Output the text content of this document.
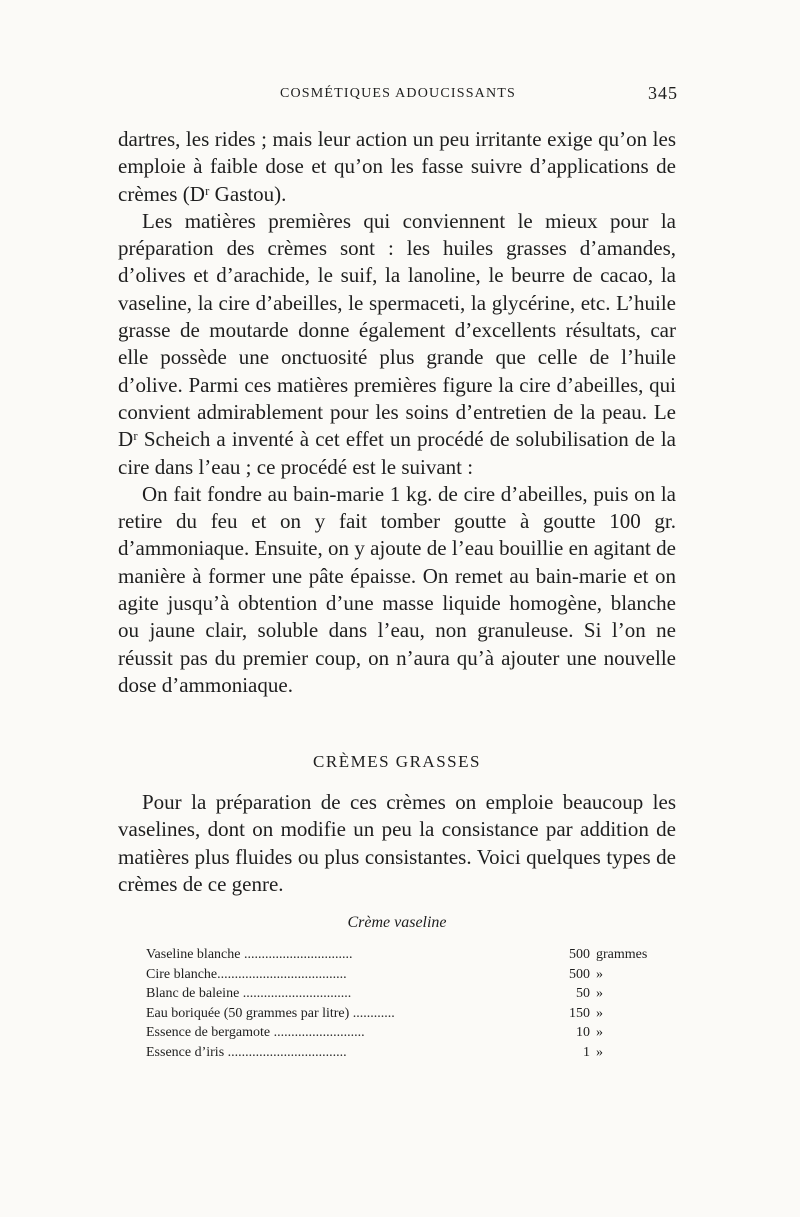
COSMÉTIQUES ADOUCISSANTS	345

dartres, les rides ; mais leur action un peu irritante exige qu’on les emploie à faible dose et qu’on les fasse suivre d’applications de crèmes (Dʳ Gastou).

Les matières premières qui conviennent le mieux pour la préparation des crèmes sont : les huiles grasses d’amandes, d’olives et d’arachide, le suif, la lanoline, le beurre de cacao, la vaseline, la cire d’abeilles, le spermaceti, la glycérine, etc. L’huile grasse de moutarde donne également d’excellents résultats, car elle possède une onctuosité plus grande que celle de l’huile d’olive. Parmi ces matières premières figure la cire d’abeilles, qui convient admirablement pour les soins d’entretien de la peau. Le Dʳ Scheich a inventé à cet effet un procédé de solubilisation de la cire dans l’eau ; ce procédé est le suivant :

On fait fondre au bain-marie 1 kg. de cire d’abeilles, puis on la retire du feu et on y fait tomber goutte à goutte 100 gr. d’ammoniaque. Ensuite, on y ajoute de l’eau bouillie en agitant de manière à former une pâte épaisse. On remet au bain-marie et on agite jusqu’à obtention d’une masse liquide homogène, blanche ou jaune clair, soluble dans l’eau, non granuleuse. Si l’on ne réussit pas du premier coup, on n’aura qu’à ajouter une nouvelle dose d’ammoniaque.

CRÈMES GRASSES

Pour la préparation de ces crèmes on emploie beaucoup les vaselines, dont on modifie un peu la consistance par addition de matières plus fluides ou plus consistantes. Voici quelques types de crèmes de ce genre.

Crème vaseline
Vaseline blanche ...............................	500 grammes
Cire blanche.....................................	500 »
Blanc de baleine ...............................	50 »
Eau boriquée (50 grammes par litre) ............	150 »
Essence de bergamote ..........................	10 »
Essence d’iris ..................................	1 »
